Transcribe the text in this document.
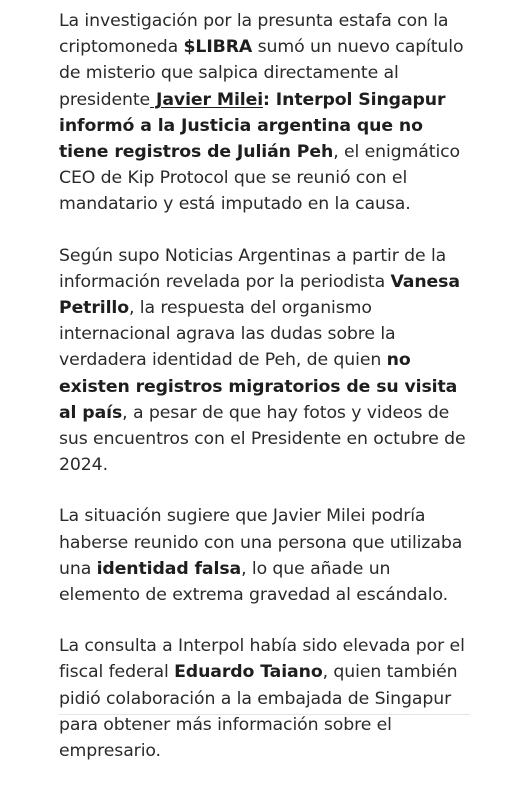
La investigación por la presunta estafa con la criptomoneda $LIBRA sumó un nuevo capítulo de misterio que salpica directamente al presidente Javier Milei: Interpol Singapur informó a la Justicia argentina que no tiene registros de Julián Peh, el enigmático CEO de Kip Protocol que se reunió con el mandatario y está imputado en la causa.

Según supo Noticias Argentinas a partir de la información revelada por la periodista Vanesa Petrillo, la respuesta del organismo internacional agrava las dudas sobre la verdadera identidad de Peh, de quien no existen registros migratorios de su visita al país, a pesar de que hay fotos y videos de sus encuentros con el Presidente en octubre de 2024.

La situación sugiere que Javier Milei podría haberse reunido con una persona que utilizaba una identidad falsa, lo que añade un elemento de extrema gravedad al escándalo.

La consulta a Interpol había sido elevada por el fiscal federal Eduardo Taiano, quien también pidió colaboración a la embajada de Singapur para obtener más información sobre el empresario.
